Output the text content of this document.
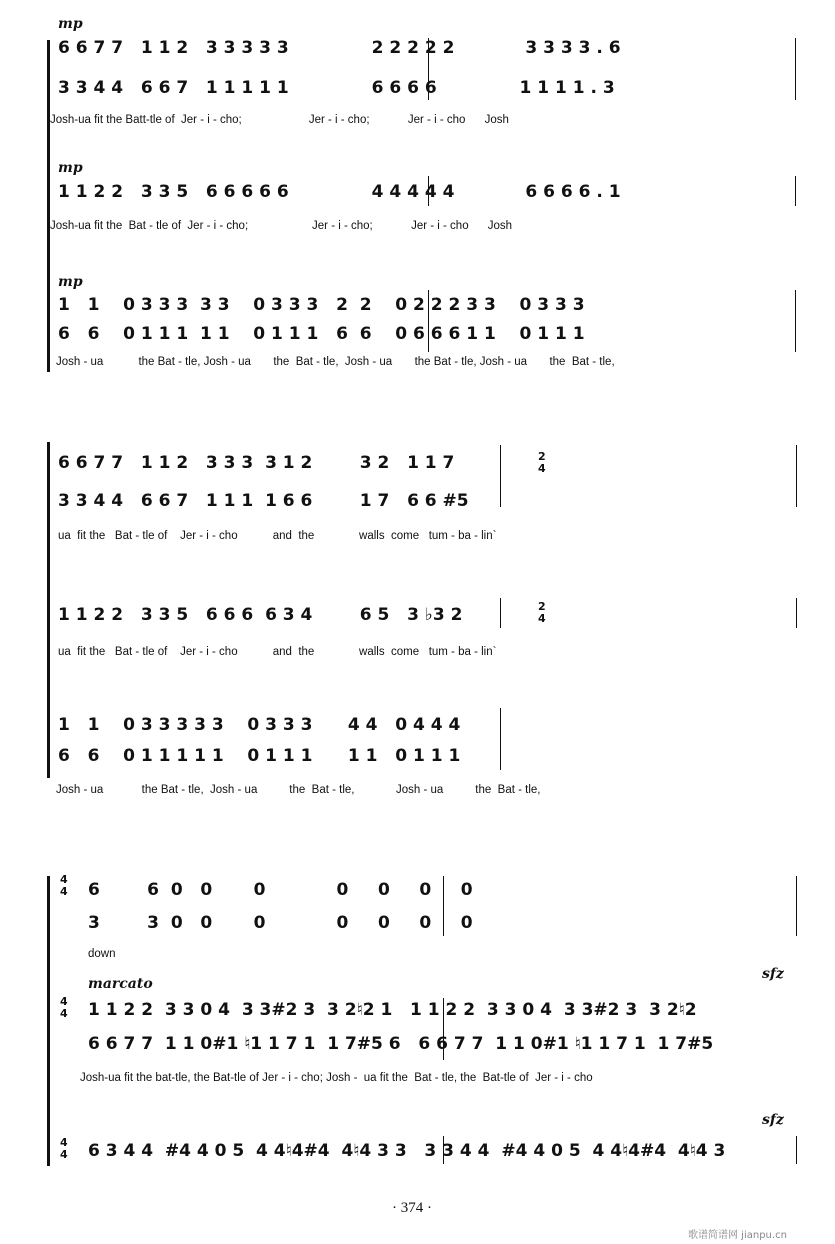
mp
6 6 7 7   1 1 2   3 3 3 3 3              2 2 2 2 2            3 3 3 3 . 6
3 3 4 4   6 6 7   1 1 1 1 1              6 6 6 6              1 1 1 1 . 3
Josh-ua fit the Batt-tle of  Jer - i - cho;                     Jer - i - cho;            Jer - i - cho      Josh
mp
1 1 2 2   3 3 5   6 6 6 6 6              4 4 4 4 4            6 6 6 6 . 1
Josh-ua fit the  Bat - tle of  Jer - i - cho;                    Jer - i - cho;            Jer - i - cho      Josh
mp
1   1    0 3 3 3  3 3    0 3 3 3   2  2    0 2 2 2 3 3    0 3 3 3
6   6    0 1 1 1  1 1    0 1 1 1   6  6    0 6 6 6 1 1    0 1 1 1
Josh - ua           the Bat - tle, Josh - ua       the  Bat - tle,  Josh - ua       the Bat - tle, Josh - ua       the  Bat - tle,
6 6 7 7   1 1 2   3 3 3  3 1 2        3 2   1 1 7
3 3 4 4   6 6 7   1 1 1  1 6 6        1 7   6 6 #5
ua  fit the   Bat - tle of    Jer - i - cho           and  the              walls  come   tum - ba - lin`
1 1 2 2   3 3 5   6 6 6  6 3 4        6 5   3 ♭3 2
ua  fit the   Bat - tle of    Jer - i - cho           and  the              walls  come   tum - ba - lin`
1   1    0 3 3 3 3 3    0 3 3 3      4 4   0 4 4 4
6   6    0 1 1 1 1 1    0 1 1 1      1 1   0 1 1 1
Josh - ua            the Bat - tle,  Josh - ua          the  Bat - tle,             Josh - ua          the  Bat - tle,
2
4
2
4
4
4 6        6  0   0       0            0     0     0     0
3        3  0   0       0            0     0     0     0
down
marcato
sfz
4
4 1 1 2 2  3 3 0 4  3 3#2 3  3 2♮2 1   1 1 2 2  3 3 0 4  3 3#2 3  3 2♮2
6 6 7 7  1 1 0#1 ♮1 1 7 1  1 7#5 6   6 6 7 7  1 1 0#1 ♮1 1 7 1  1 7#5
Josh-ua fit the bat-tle, the Bat-tle of Jer - i - cho; Josh -  ua fit the  Bat - tle, the  Bat-tle of  Jer - i - cho
sfz
4
4 6 3 4 4  #4 4 0 5  4 4♮4#4  4♮4 3 3   3 3 4 4  #4 4 0 5  4 4♮4#4  4♮4 3
· 374 ·
歌谱简谱网 jianpu.cn
